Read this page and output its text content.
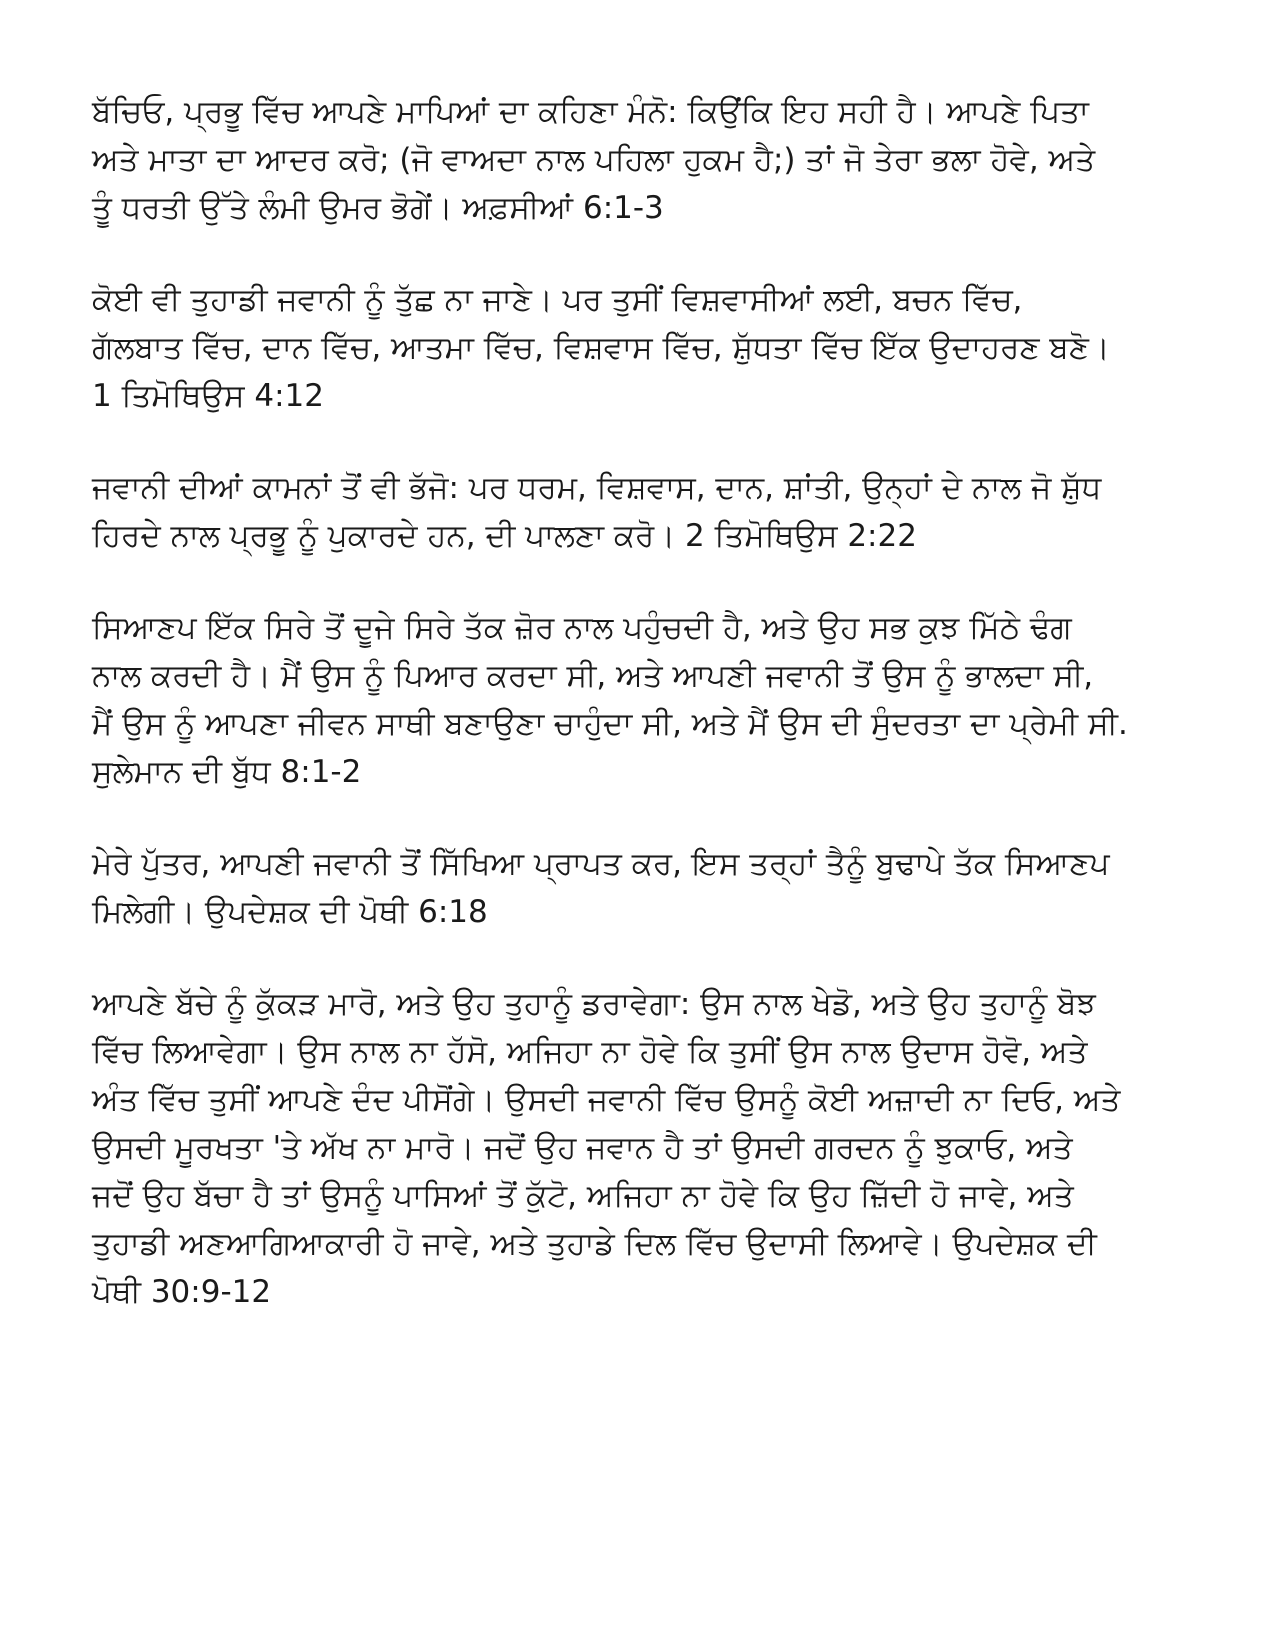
ਬੱਚਿਓ, ਪ੍ਰਭੂ ਵਿੱਚ ਆਪਣੇ ਮਾਪਿਆਂ ਦਾ ਕਹਿਣਾ ਮੰਨੋ: ਕਿਉਂਕਿ ਇਹ ਸਹੀ ਹੈ। ਆਪਣੇ ਪਿਤਾ
ਅਤੇ ਮਾਤਾ ਦਾ ਆਦਰ ਕਰੋ; (ਜੋ ਵਾਅਦਾ ਨਾਲ ਪਹਿਲਾ ਹੁਕਮ ਹੈ;) ਤਾਂ ਜੋ ਤੇਰਾ ਭਲਾ ਹੋਵੇ, ਅਤੇ
ਤੂੰ ਧਰਤੀ ਉੱਤੇ ਲੰਮੀ ਉਮਰ ਭੋਗੇਂ। ਅਫ਼ਸੀਆਂ 6:1-3
ਕੋਈ ਵੀ ਤੁਹਾਡੀ ਜਵਾਨੀ ਨੂੰ ਤੁੱਛ ਨਾ ਜਾਣੇ। ਪਰ ਤੁਸੀਂ ਵਿਸ਼ਵਾਸੀਆਂ ਲਈ, ਬਚਨ ਵਿੱਚ,
ਗੱਲਬਾਤ ਵਿੱਚ, ਦਾਨ ਵਿੱਚ, ਆਤਮਾ ਵਿੱਚ, ਵਿਸ਼ਵਾਸ ਵਿੱਚ, ਸ਼ੁੱਧਤਾ ਵਿੱਚ ਇੱਕ ਉਦਾਹਰਣ ਬਣੋ।
1 ਤਿਮੋਥਿਉਸ 4:12
ਜਵਾਨੀ ਦੀਆਂ ਕਾਮਨਾਂ ਤੋਂ ਵੀ ਭੱਜੋ: ਪਰ ਧਰਮ, ਵਿਸ਼ਵਾਸ, ਦਾਨ, ਸ਼ਾਂਤੀ, ਉਨ੍ਹਾਂ ਦੇ ਨਾਲ ਜੋ ਸ਼ੁੱਧ
ਹਿਰਦੇ ਨਾਲ ਪ੍ਰਭੂ ਨੂੰ ਪੁਕਾਰਦੇ ਹਨ, ਦੀ ਪਾਲਣਾ ਕਰੋ। 2 ਤਿਮੋਥਿਉਸ 2:22
ਸਿਆਣਪ ਇੱਕ ਸਿਰੇ ਤੋਂ ਦੂਜੇ ਸਿਰੇ ਤੱਕ ਜ਼ੋਰ ਨਾਲ ਪਹੁੰਚਦੀ ਹੈ, ਅਤੇ ਉਹ ਸਭ ਕੁਝ ਮਿੱਠੇ ਢੰਗ
ਨਾਲ ਕਰਦੀ ਹੈ। ਮੈਂ ਉਸ ਨੂੰ ਪਿਆਰ ਕਰਦਾ ਸੀ, ਅਤੇ ਆਪਣੀ ਜਵਾਨੀ ਤੋਂ ਉਸ ਨੂੰ ਭਾਲਦਾ ਸੀ,
ਮੈਂ ਉਸ ਨੂੰ ਆਪਣਾ ਜੀਵਨ ਸਾਥੀ ਬਣਾਉਣਾ ਚਾਹੁੰਦਾ ਸੀ, ਅਤੇ ਮੈਂ ਉਸ ਦੀ ਸੁੰਦਰਤਾ ਦਾ ਪ੍ਰੇਮੀ ਸੀ.
ਸੁਲੇਮਾਨ ਦੀ ਬੁੱਧ 8:1-2
ਮੇਰੇ ਪੁੱਤਰ, ਆਪਣੀ ਜਵਾਨੀ ਤੋਂ ਸਿੱਖਿਆ ਪ੍ਰਾਪਤ ਕਰ, ਇਸ ਤਰ੍ਹਾਂ ਤੈਨੂੰ ਬੁਢਾਪੇ ਤੱਕ ਸਿਆਣਪ
ਮਿਲੇਗੀ। ਉਪਦੇਸ਼ਕ ਦੀ ਪੋਥੀ 6:18
ਆਪਣੇ ਬੱਚੇ ਨੂੰ ਕੁੱਕੜ ਮਾਰੋ, ਅਤੇ ਉਹ ਤੁਹਾਨੂੰ ਡਰਾਵੇਗਾ: ਉਸ ਨਾਲ ਖੇਡੋ, ਅਤੇ ਉਹ ਤੁਹਾਨੂੰ ਬੋਝ
ਵਿੱਚ ਲਿਆਵੇਗਾ। ਉਸ ਨਾਲ ਨਾ ਹੱਸੋ, ਅਜਿਹਾ ਨਾ ਹੋਵੇ ਕਿ ਤੁਸੀਂ ਉਸ ਨਾਲ ਉਦਾਸ ਹੋਵੋ, ਅਤੇ
ਅੰਤ ਵਿੱਚ ਤੁਸੀਂ ਆਪਣੇ ਦੰਦ ਪੀਸੋਂਗੇ। ਉਸਦੀ ਜਵਾਨੀ ਵਿੱਚ ਉਸਨੂੰ ਕੋਈ ਅਜ਼ਾਦੀ ਨਾ ਦਿਓ, ਅਤੇ
ਉਸਦੀ ਮੂਰਖਤਾ 'ਤੇ ਅੱਖ ਨਾ ਮਾਰੋ। ਜਦੋਂ ਉਹ ਜਵਾਨ ਹੈ ਤਾਂ ਉਸਦੀ ਗਰਦਨ ਨੂੰ ਝੁਕਾਓ, ਅਤੇ
ਜਦੋਂ ਉਹ ਬੱਚਾ ਹੈ ਤਾਂ ਉਸਨੂੰ ਪਾਸਿਆਂ ਤੋਂ ਕੁੱਟੋ, ਅਜਿਹਾ ਨਾ ਹੋਵੇ ਕਿ ਉਹ ਜ਼ਿੱਦੀ ਹੋ ਜਾਵੇ, ਅਤੇ
ਤੁਹਾਡੀ ਅਣਆਗਿਆਕਾਰੀ ਹੋ ਜਾਵੇ, ਅਤੇ ਤੁਹਾਡੇ ਦਿਲ ਵਿੱਚ ਉਦਾਸੀ ਲਿਆਵੇ। ਉਪਦੇਸ਼ਕ ਦੀ
ਪੋਥੀ 30:9-12
